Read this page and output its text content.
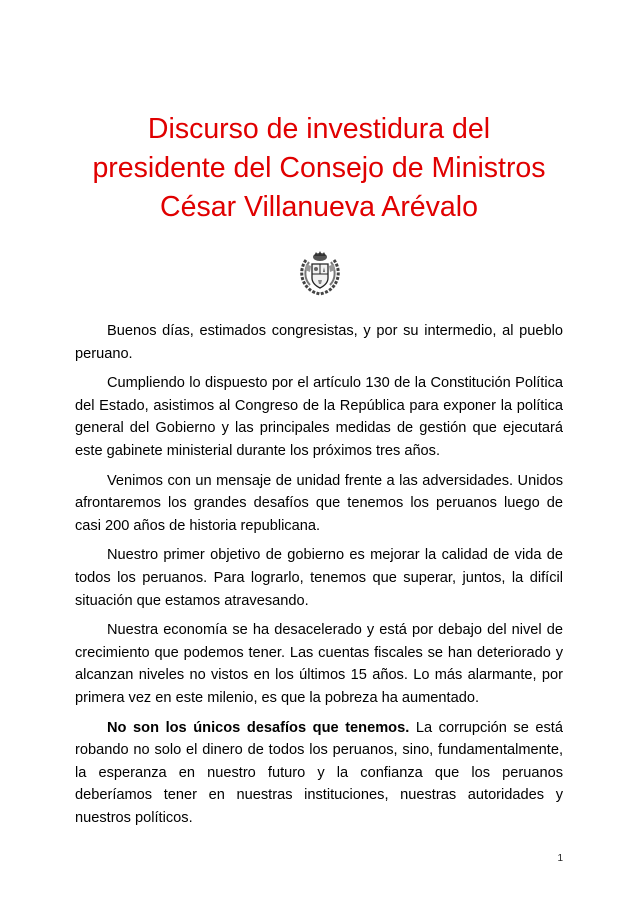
Discurso de investidura del
presidente del Consejo de Ministros
César Villanueva Arévalo

Buenos días, estimados congresistas, y por su intermedio, al pueblo peruano.

Cumpliendo lo dispuesto por el artículo 130 de la Constitución Política del Estado, asistimos al Congreso de la República para exponer la política general del Gobierno y las principales medidas de gestión que ejecutará este gabinete ministerial durante los próximos tres años.

Venimos con un mensaje de unidad frente a las adversidades. Unidos afrontaremos los grandes desafíos que tenemos los peruanos luego de casi 200 años de historia republicana.

Nuestro primer objetivo de gobierno es mejorar la calidad de vida de todos los peruanos. Para lograrlo, tenemos que superar, juntos, la difícil situación que estamos atravesando.

Nuestra economía se ha desacelerado y está por debajo del nivel de crecimiento que podemos tener. Las cuentas fiscales se han deteriorado y alcanzan niveles no vistos en los últimos 15 años. Lo más alarmante, por primera vez en este milenio, es que la pobreza ha aumentado.

No son los únicos desafíos que tenemos. La corrupción se está robando no solo el dinero de todos los peruanos, sino, fundamentalmente, la esperanza en nuestro futuro y la confianza que los peruanos deberíamos tener en nuestras instituciones, nuestras autoridades y nuestros políticos.

1
